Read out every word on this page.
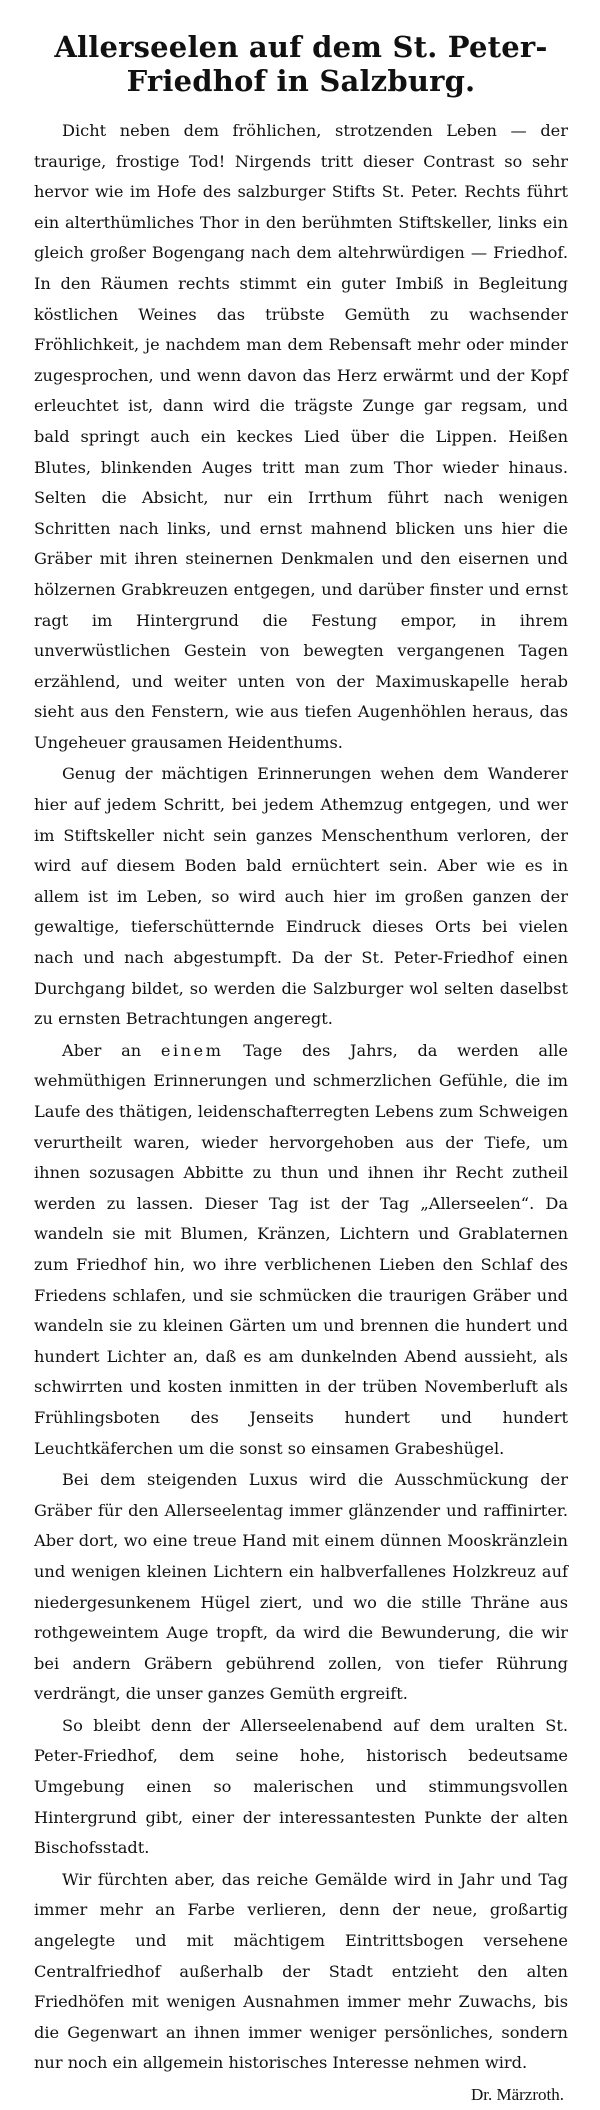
Allerseelen auf dem St. Peter-Friedhof in Salzburg.

Dicht neben dem fröhlichen, strotzenden Leben — der traurige, frostige Tod! Nirgends tritt dieser Contrast so sehr hervor wie im Hofe des salzburger Stifts St. Peter. Rechts führt ein alterthümliches Thor in den berühmten Stiftskeller, links ein gleich großer Bogengang nach dem altehrwürdigen — Friedhof. In den Räumen rechts stimmt ein guter Imbiß in Begleitung köstlichen Weines das trübste Gemüth zu wachsender Fröhlichkeit, je nachdem man dem Rebensaft mehr oder minder zugesprochen, und wenn davon das Herz erwärmt und der Kopf erleuchtet ist, dann wird die trägste Zunge gar regsam, und bald springt auch ein keckes Lied über die Lippen. Heißen Blutes, blinkenden Auges tritt man zum Thor wieder hinaus. Selten die Absicht, nur ein Irrthum führt nach wenigen Schritten nach links, und ernst mahnend blicken uns hier die Gräber mit ihren steinernen Denkmalen und den eisernen und hölzernen Grabkreuzen entgegen, und darüber finster und ernst ragt im Hintergrund die Festung empor, in ihrem unverwüstlichen Gestein von bewegten vergangenen Tagen erzählend, und weiter unten von der Maximuskapelle herab sieht aus den Fenstern, wie aus tiefen Augenhöhlen heraus, das Ungeheuer grausamen Heidenthums.

Genug der mächtigen Erinnerungen wehen dem Wanderer hier auf jedem Schritt, bei jedem Athemzug entgegen, und wer im Stiftskeller nicht sein ganzes Menschenthum verloren, der wird auf diesem Boden bald ernüchtert sein. Aber wie es in allem ist im Leben, so wird auch hier im großen ganzen der gewaltige, tieferschütternde Eindruck dieses Orts bei vielen nach und nach abgestumpft. Da der St. Peter-Friedhof einen Durchgang bildet, so werden die Salzburger wol selten daselbst zu ernsten Betrachtungen angeregt.

Aber an einem Tage des Jahrs, da werden alle wehmüthigen Erinnerungen und schmerzlichen Gefühle, die im Laufe des thätigen, leidenschafterregten Lebens zum Schweigen verurtheilt waren, wieder hervorgehoben aus der Tiefe, um ihnen sozusagen Abbitte zu thun und ihnen ihr Recht zutheil werden zu lassen. Dieser Tag ist der Tag „Allerseelen“. Da wandeln sie mit Blumen, Kränzen, Lichtern und Grablaternen zum Friedhof hin, wo ihre verblichenen Lieben den Schlaf des Friedens schlafen, und sie schmücken die traurigen Gräber und wandeln sie zu kleinen Gärten um und brennen die hundert und hundert Lichter an, daß es am dunkelnden Abend aussieht, als schwirrten und kosten inmitten in der trüben Novemberluft als Frühlingsboten des Jenseits hundert und hundert Leuchtkäferchen um die sonst so einsamen Grabeshügel.

Bei dem steigenden Luxus wird die Ausschmückung der Gräber für den Allerseelentag immer glänzender und raffinirter. Aber dort, wo eine treue Hand mit einem dünnen Mooskränzlein und wenigen kleinen Lichtern ein halbverfallenes Holzkreuz auf niedergesunkenem Hügel ziert, und wo die stille Thräne aus rothgeweintem Auge tropft, da wird die Bewunderung, die wir bei andern Gräbern gebührend zollen, von tiefer Rührung verdrängt, die unser ganzes Gemüth ergreift.

So bleibt denn der Allerseelenabend auf dem uralten St. Peter-Friedhof, dem seine hohe, historisch bedeutsame Umgebung einen so malerischen und stimmungsvollen Hintergrund gibt, einer der interessantesten Punkte der alten Bischofsstadt.

Wir fürchten aber, das reiche Gemälde wird in Jahr und Tag immer mehr an Farbe verlieren, denn der neue, großartig angelegte und mit mächtigem Eintrittsbogen versehene Centralfriedhof außerhalb der Stadt entzieht den alten Friedhöfen mit wenigen Ausnahmen immer mehr Zuwachs, bis die Gegenwart an ihnen immer weniger persönliches, sondern nur noch ein allgemein historisches Interesse nehmen wird.

Dr. Märzroth.
